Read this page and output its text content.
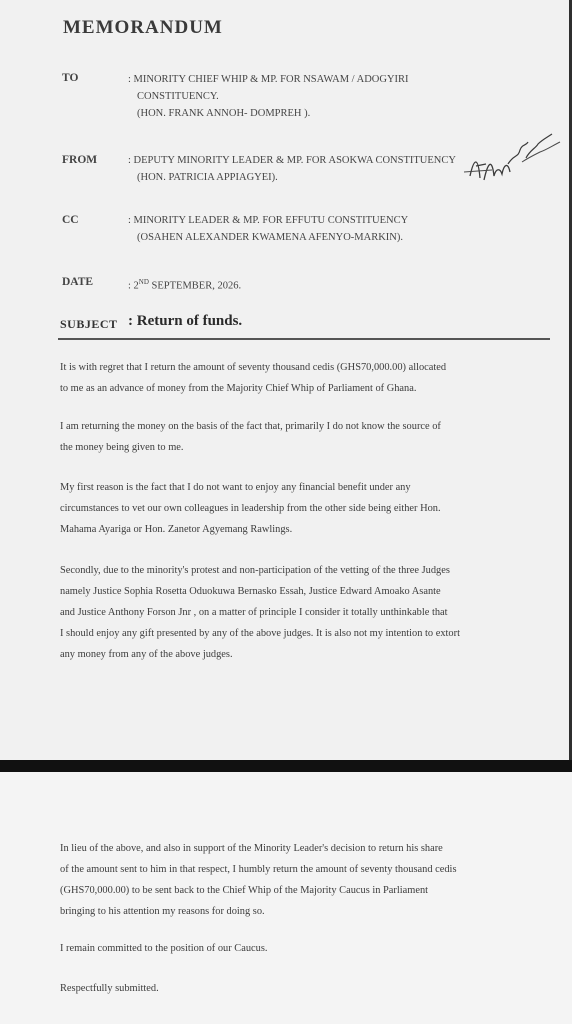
MEMORANDUM
TO	: MINORITY CHIEF WHIP & MP. FOR NSAWAM / ADOGYIRI
CONSTITUENCY.
(HON. FRANK ANNOH- DOMPREH ).
FROM	: DEPUTY MINORITY LEADER & MP. FOR ASOKWA CONSTITUENCY
(HON. PATRICIA APPIAGYEI).
CC	: MINORITY LEADER & MP. FOR EFFUTU CONSTITUENCY
(OSAHEN ALEXANDER KWAMENA AFENYO-MARKIN).
DATE	: 2ND SEPTEMBER, 2026.
SUBJECT : Return of funds.
It is with regret that I return the amount of seventy thousand cedis (GHS70,000.00) allocated
to me as an advance of money from the Majority Chief Whip of Parliament of Ghana.
I am returning the money on the basis of the fact that, primarily I do not know the source of
the money being given to me.
My first reason is the fact that I do not want to enjoy any financial benefit under any
circumstances to vet our own colleagues in leadership from the other side being either Hon.
Mahama Ayariga or Hon. Zanetor Agyemang Rawlings.
Secondly, due to the minority's protest and non-participation of the vetting of the three Judges
namely Justice Sophia Rosetta Oduokuwa Bernasko Essah, Justice Edward Amoako Asante
and Justice Anthony Forson Jnr , on a matter of principle I consider it totally unthinkable that
I should enjoy any gift presented by any of the above judges. It is also not my intention to extort
any money from any of the above judges.
In lieu of the above, and also in support of the Minority Leader's decision to return his share
of the amount sent to him in that respect, I humbly return the amount of seventy thousand cedis
(GHS70,000.00) to be sent back to the Chief Whip of the Majority Caucus in Parliament
bringing to his attention my reasons for doing so.
I remain committed to the position of our Caucus.
Respectfully submitted.
